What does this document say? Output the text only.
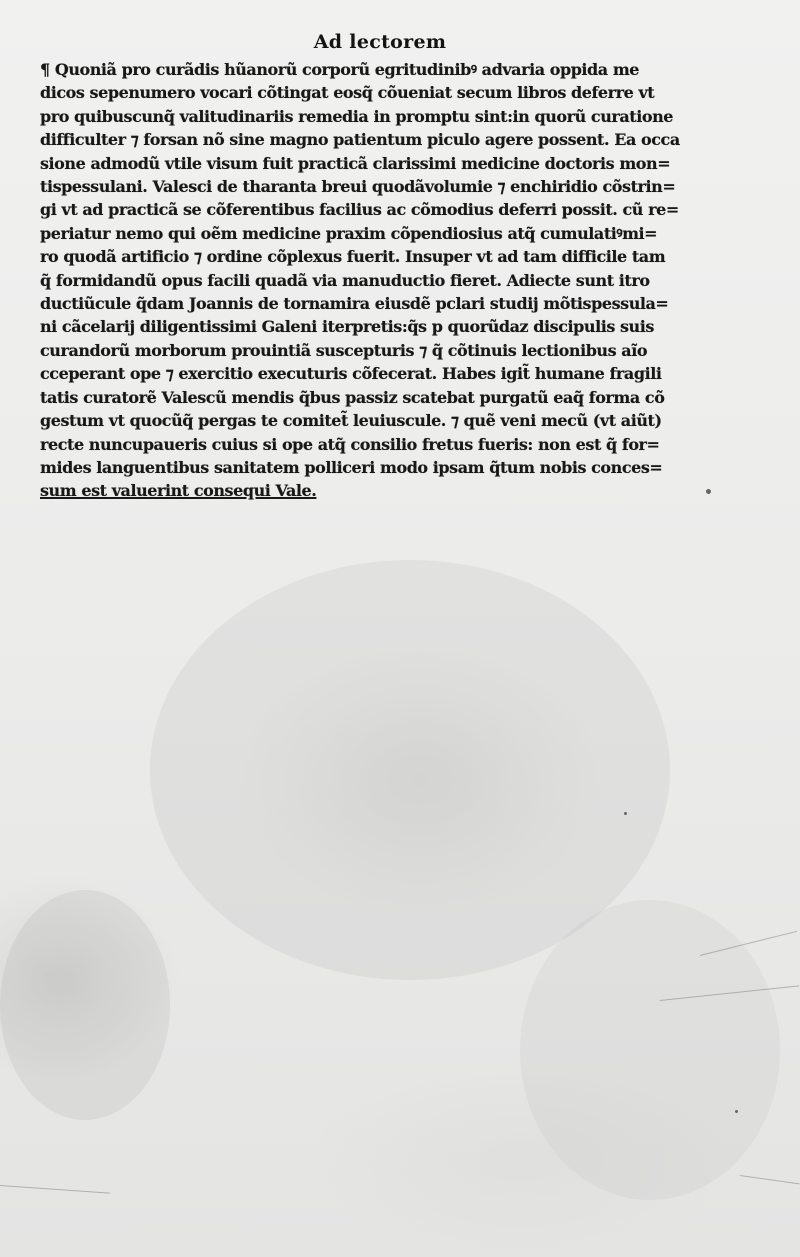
Ad lectorem
¶ Quoniã pro curãdis hũanorũ corporũ egritudinibꝰ advaria oppida me
dicos sepenumero vocari cõtingat eosq̃ cõueniat secum libros deferre vt
pro quibuscunq̃ valitudinariis remedia in promptu sint:in quorũ curatione
difficulter ⁊ forsan nõ sine magno patientum piculo agere possent. Ea occa
sione admodũ vtile visum fuit practicã clarissimi medicine doctoris mon=
tispessulani. Valesci de tharanta breui quodãvolumie ⁊ enchiridio cõstrin=
gi vt ad practicã se cõferentibus facilius ac cõmodius deferri possit. cũ re=
periatur nemo qui oẽm medicine praxim cõpendiosius atq̃ cumulatiꝰmi=
ro quodã artificio ⁊ ordine cõplexus fuerit. Insuper vt ad tam difficile tam
q̃ formidandũ opus facili quadã via manuductio fieret. Adiecte sunt itro
ductiũcule q̃dam Joannis de tornamira eiusdẽ pclari studij mõtispessula=
ni cãcelarij diligentissimi Galeni iterpretis:q̃s p quorũdaz discipulis suis
curandorũ morborum prouintiã suscepturis ⁊ q̃ cõtinuis lectionibus aĩo
cceperant ope ⁊ exercitio executuris cõfecerat. Habes igit̃ humane fragili
tatis curatorẽ Valescũ mendis q̃bus passiz scatebat purgatũ eaq̃ forma cõ
gestum vt quocũq̃ pergas te comitet̃ leuiuscule. ⁊ quẽ veni mecũ (vt aiũt)
recte nuncupaueris cuius si ope atq̃ consilio fretus fueris: non est q̃ for=
mides languentibus sanitatem polliceri modo ipsam q̃tum nobis conces=
sum est valuerint consequi Vale.
